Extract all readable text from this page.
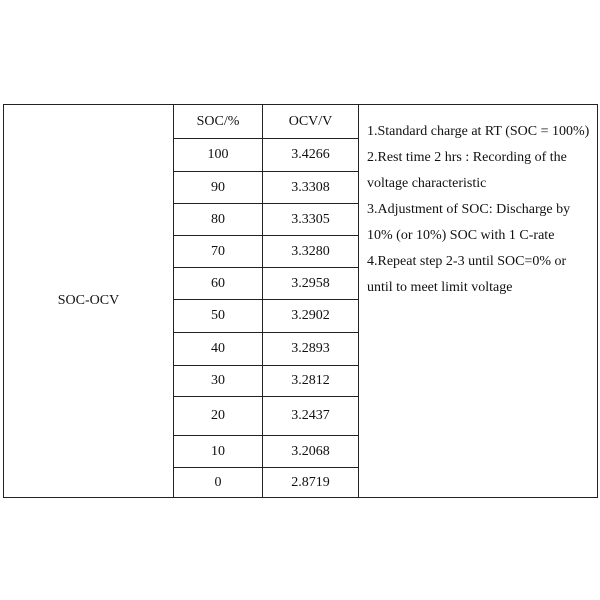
SOC-OCV	SOC/%	OCV/V	1.Standard charge at RT (SOC = 100%)
2.Rest time 2 hrs : Recording of the voltage characteristic
3.Adjustment of SOC: Discharge by 10% (or 10%) SOC with 1 C-rate
4.Repeat step 2-3 until SOC=0% or until to meet limit voltage

	100	3.4266	
	90	3.3308	
	80	3.3305	
	70	3.3280	
	60	3.2958	
	50	3.2902	
	40	3.2893	
	30	3.2812	
	20	3.2437	
	10	3.2068	
	0	2.8719	
